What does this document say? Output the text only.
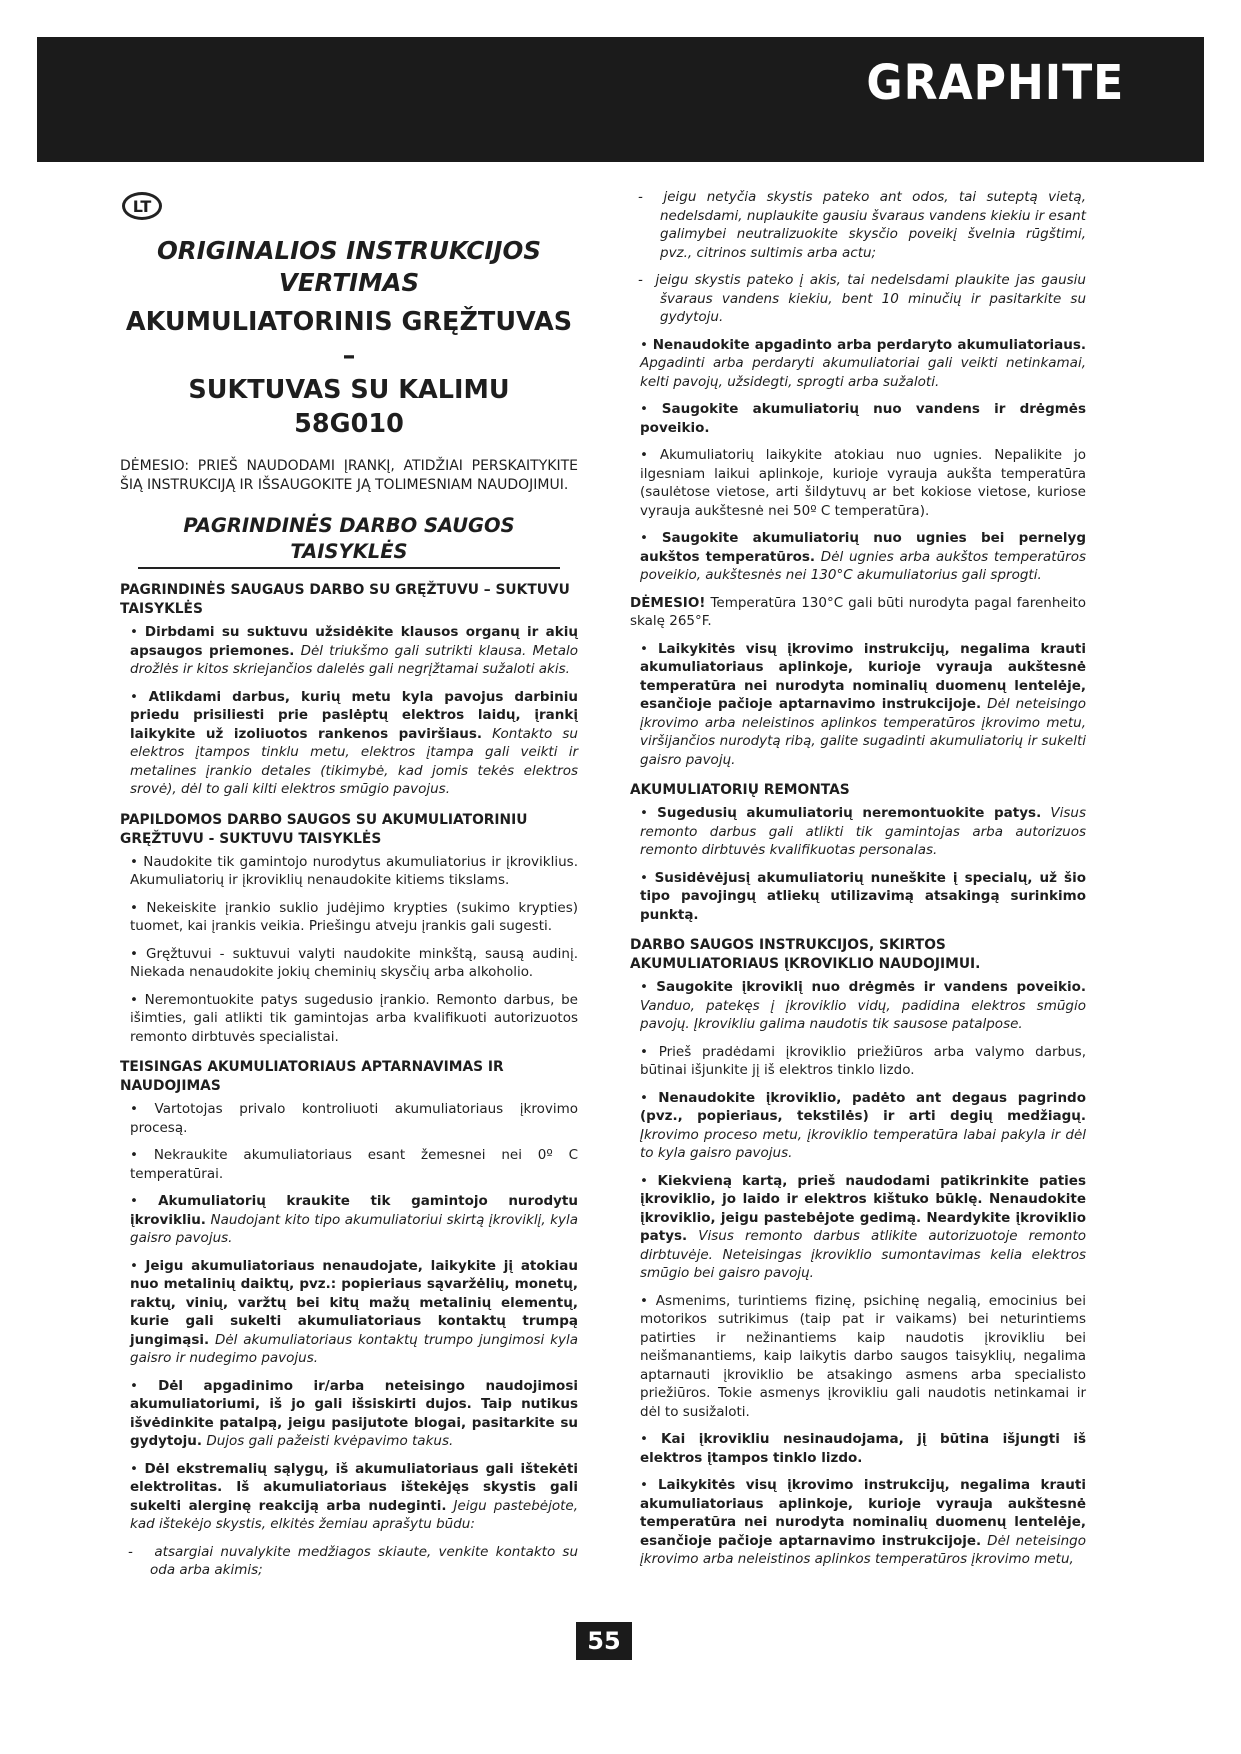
GRAPHITE
LT

ORIGINALIOS INSTRUKCIJOS

VERTIMAS

AKUMULIATORINIS GRĘŽTUVAS –

SUKTUVAS SU KALIMU

58G010

DĖMESIO: PRIEŠ NAUDODAMI ĮRANKĮ, ATIDŽIAI PERSKAITYKITE ŠIĄ INSTRUKCIJĄ IR IŠSAUGOKITE JĄ TOLIMESNIAM NAUDOJIMUI.
PAGRINDINĖS DARBO SAUGOS TAISYKLĖS
PAGRINDINĖS SAUGAUS DARBO SU GRĘŽTUVU – SUKTUVU TAISYKLĖS
• Dirbdami su suktuvu užsidėkite klausos organų ir akių apsaugos priemones. Dėl triukšmo gali sutrikti klausa. Metalo drožlės ir kitos skriejančios dalelės gali negrįžtamai sužaloti akis.
• Atlikdami darbus, kurių metu kyla pavojus darbiniu priedu prisiliesti prie paslėptų elektros laidų, įrankį laikykite už izoliuotos rankenos paviršiaus. Kontakto su elektros įtampos tinklu metu, elektros įtampa gali veikti ir metalines įrankio detales (tikimybė, kad jomis tekės elektros srovė), dėl to gali kilti elektros smūgio pavojus.
PAPILDOMOS DARBO SAUGOS SU AKUMULIATORINIU GRĘŽTUVU - SUKTUVU TAISYKLĖS
• Naudokite tik gamintojo nurodytus akumuliatorius ir įkroviklius. Akumuliatorių ir įkroviklių nenaudokite kitiems tikslams.
• Nekeiskite įrankio suklio judėjimo krypties (sukimo krypties) tuomet, kai įrankis veikia. Priešingu atveju įrankis gali sugesti.
• Gręžtuvui - suktuvui valyti naudokite minkštą, sausą audinį. Niekada nenaudokite jokių cheminių skysčių arba alkoholio.
• Neremontuokite patys sugedusio įrankio. Remonto darbus, be išimties, gali atlikti tik gamintojas arba kvalifikuoti autorizuotos remonto dirbtuvės specialistai.
TEISINGAS AKUMULIATORIAUS APTARNAVIMAS IR NAUDOJIMAS
• Vartotojas privalo kontroliuoti akumuliatoriaus įkrovimo procesą.
• Nekraukite akumuliatoriaus esant žemesnei nei 0º C temperatūrai.
• Akumuliatorių kraukite tik gamintojo nurodytu įkrovikliu. Naudojant kito tipo akumuliatoriui skirtą įkroviklį, kyla gaisro pavojus.
• Jeigu akumuliatoriaus nenaudojate, laikykite jį atokiau nuo metalinių daiktų, pvz.: popieriaus sąvaržėlių, monetų, raktų, vinių, varžtų bei kitų mažų metalinių elementų, kurie gali sukelti akumuliatoriaus kontaktų trumpą jungimąsi. Dėl akumuliatoriaus kontaktų trumpo jungimosi kyla gaisro ir nudegimo pavojus.
• Dėl apgadinimo ir/arba neteisingo naudojimosi akumuliatoriumi, iš jo gali išsiskirti dujos. Taip nutikus išvėdinkite patalpą, jeigu pasijutote blogai, pasitarkite su gydytoju. Dujos gali pažeisti kvėpavimo takus.
• Dėl ekstremalių sąlygų, iš akumuliatoriaus gali ištekėti elektrolitas. Iš akumuliatoriaus ištekėjęs skystis gali sukelti alerginę reakciją arba nudeginti. Jeigu pastebėjote, kad ištekėjo skystis, elkitės žemiau aprašytu būdu:
-   atsargiai nuvalykite medžiagos skiaute, venkite kontakto su oda arba akimis;
-  jeigu netyčia skystis pateko ant odos, tai suteptą vietą, nedelsdami, nuplaukite gausiu švaraus vandens kiekiu ir esant galimybei neutralizuokite skysčio poveikį švelnia rūgštimi, pvz., citrinos sultimis arba actu;
-  jeigu skystis pateko į akis, tai nedelsdami plaukite jas gausiu švaraus vandens kiekiu, bent 10 minučių ir pasitarkite su gydytoju.
• Nenaudokite apgadinto arba perdaryto akumuliatoriaus. Apgadinti arba perdaryti akumuliatoriai gali veikti netinkamai, kelti pavojų, užsidegti, sprogti arba sužaloti.
• Saugokite akumuliatorių nuo vandens ir drėgmės poveikio.
• Akumuliatorių laikykite atokiau nuo ugnies. Nepalikite jo ilgesniam laikui aplinkoje, kurioje vyrauja aukšta temperatūra (saulėtose vietose, arti šildytuvų ar bet kokiose vietose, kuriose vyrauja aukštesnė nei 50º C temperatūra).
• Saugokite akumuliatorių nuo ugnies bei pernelyg aukštos temperatūros. Dėl ugnies arba aukštos temperatūros poveikio, aukštesnės nei 130°C akumuliatorius gali sprogti.
DĖMESIO! Temperatūra 130°C gali būti nurodyta pagal farenheito skalę 265°F.
• Laikykitės visų įkrovimo instrukcijų, negalima krauti akumuliatoriaus aplinkoje, kurioje vyrauja aukštesnė temperatūra nei nurodyta nominalių duomenų lentelėje, esančioje pačioje aptarnavimo instrukcijoje. Dėl neteisingo įkrovimo arba neleistinos aplinkos temperatūros įkrovimo metu, viršijančios nurodytą ribą, galite sugadinti akumuliatorių ir sukelti gaisro pavojų.
AKUMULIATORIŲ REMONTAS
• Sugedusių akumuliatorių neremontuokite patys. Visus remonto darbus gali atlikti tik gamintojas arba autorizuos remonto dirbtuvės kvalifikuotas personalas.
• Susidėvėjusį akumuliatorių nuneškite į specialų, už šio tipo pavojingų atliekų utilizavimą atsakingą surinkimo punktą.
DARBO SAUGOS INSTRUKCIJOS, SKIRTOS AKUMULIATORIAUS ĮKROVIKLIO NAUDOJIMUI.
• Saugokite įkroviklį nuo drėgmės ir vandens poveikio. Vanduo, patekęs į įkroviklio vidų, padidina elektros smūgio pavojų. Įkrovikliu galima naudotis tik sausose patalpose.
• Prieš pradėdami įkroviklio priežiūros arba valymo darbus, būtinai išjunkite jį iš elektros tinklo lizdo.
• Nenaudokite įkroviklio, padėto ant degaus pagrindo (pvz., popieriaus, tekstilės) ir arti degių medžiagų. Įkrovimo proceso metu, įkroviklio temperatūra labai pakyla ir dėl to kyla gaisro pavojus.
• Kiekvieną kartą, prieš naudodami patikrinkite paties įkroviklio, jo laido ir elektros kištuko būklę. Nenaudokite įkroviklio, jeigu pastebėjote gedimą. Neardykite įkroviklio patys. Visus remonto darbus atlikite autorizuotoje remonto dirbtuvėje. Neteisingas įkroviklio sumontavimas kelia elektros smūgio bei gaisro pavojų.
• Asmenims, turintiems fizinę, psichinę negalią, emocinius bei motorikos sutrikimus (taip pat ir vaikams) bei neturintiems patirties ir nežinantiems kaip naudotis įkrovikliu bei neišmanantiems, kaip laikytis darbo saugos taisyklių, negalima aptarnauti įkroviklio be atsakingo asmens arba specialisto priežiūros. Tokie asmenys įkrovikliu gali naudotis netinkamai ir dėl to susižaloti.
• Kai įkrovikliu nesinaudojama, jį būtina išjungti iš elektros įtampos tinklo lizdo.
• Laikykitės visų įkrovimo instrukcijų, negalima krauti akumuliatoriaus aplinkoje, kurioje vyrauja aukštesnė temperatūra nei nurodyta nominalių duomenų lentelėje, esančioje pačioje aptarnavimo instrukcijoje. Dėl neteisingo įkrovimo arba neleistinos aplinkos temperatūros įkrovimo metu,
55
